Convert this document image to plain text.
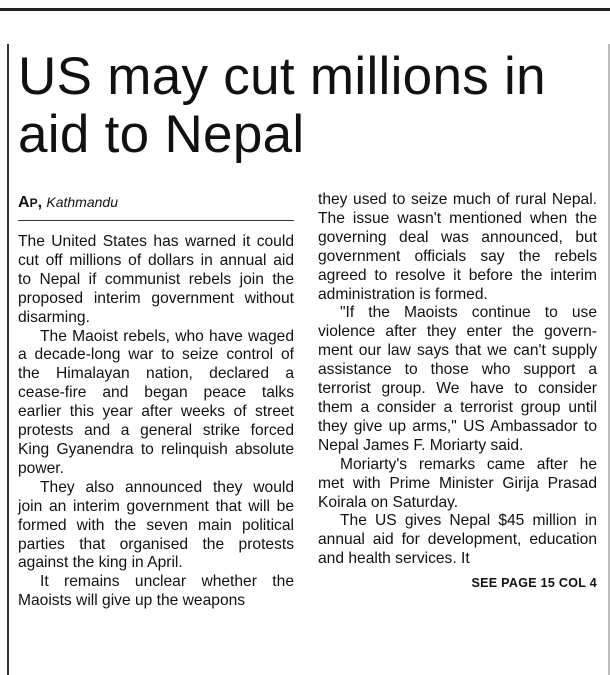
US may cut millions in aid to Nepal
AP, Kathmandu

The United States has warned it could cut off millions of dollars in annual aid to Nepal if communist rebels join the proposed interim government without disarming.

The Maoist rebels, who have waged a decade-long war to seize control of the Himalayan nation, declared a cease-fire and began peace talks earlier this year after weeks of street protests and a general strike forced King Gyanendra to relinquish absolute power.

They also announced they would join an interim government that will be formed with the seven main political parties that organised the protests against the king in April.

It remains unclear whether the Maoists will give up the weapons

they used to seize much of rural Nepal. The issue wasn't mentioned when the governing deal was announced, but government officials say the rebels agreed to resolve it before the interim administration is formed.

"If the Maoists continue to use violence after they enter the government our law says that we can't supply assistance to those who support a terrorist group. We have to consider them a consider a terrorist group until they give up arms," US Ambassador to Nepal James F. Moriarty said.

Moriarty's remarks came after he met with Prime Minister Girija Prasad Koirala on Saturday.

The US gives Nepal $45 million in annual aid for development, education and health services. It

SEE PAGE 15 COL 4
